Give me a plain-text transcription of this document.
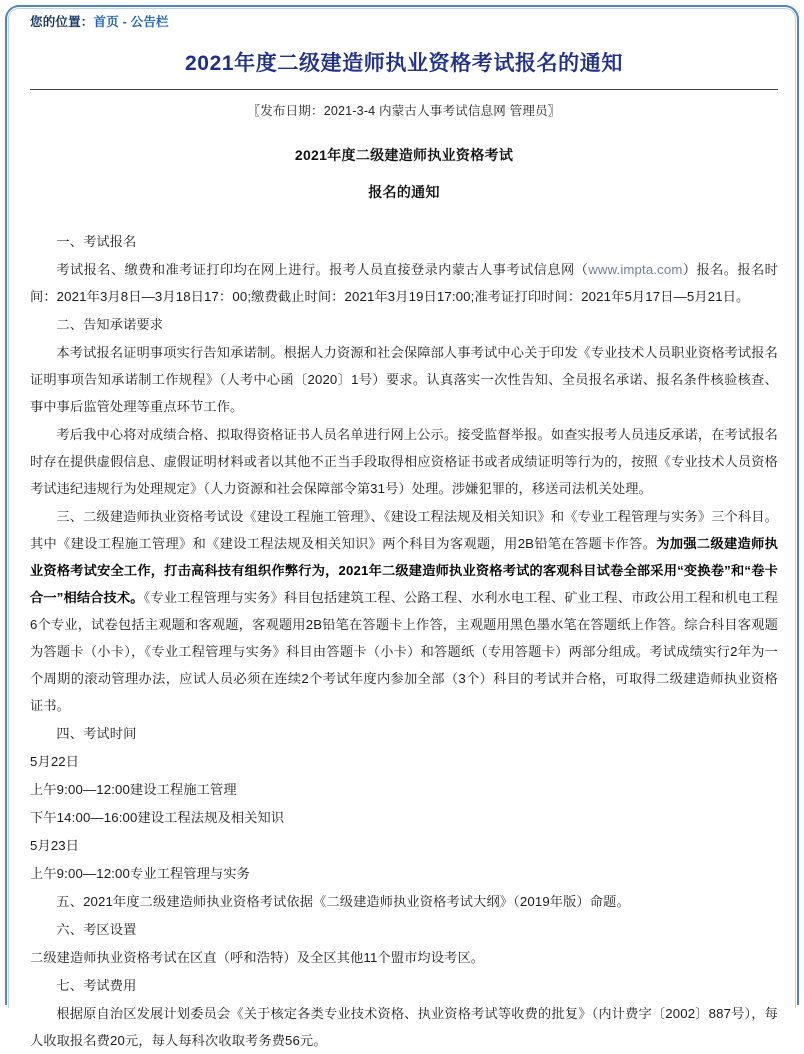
您的位置：首页 - 公告栏
2021年度二级建造师执业资格考试报名的通知
〖发布日期：2021-3-4 内蒙古人事考试信息网 管理员〗
2021年度二级建造师执业资格考试
报名的通知

一、考试报名

考试报名、缴费和准考证打印均在网上进行。报考人员直接登录内蒙古人事考试信息网（www.impta.com）报名。报名时间：2021年3月8日—3月18日17：00;缴费截止时间：2021年3月19日17:00;准考证打印时间：2021年5月17日—5月21日。

二、告知承诺要求

本考试报名证明事项实行告知承诺制。根据人力资源和社会保障部人事考试中心关于印发《专业技术人员职业资格考试报名证明事项告知承诺制工作规程》（人考中心函〔2020〕1号）要求。认真落实一次性告知、全员报名承诺、报名条件核验核查、事中事后监管处理等重点环节工作。

考后我中心将对成绩合格、拟取得资格证书人员名单进行网上公示。接受监督举报。如查实报考人员违反承诺，在考试报名时存在提供虚假信息、虚假证明材料或者以其他不正当手段取得相应资格证书或者成绩证明等行为的，按照《专业技术人员资格考试违纪违规行为处理规定》（人力资源和社会保障部令第31号）处理。涉嫌犯罪的，移送司法机关处理。

三、二级建造师执业资格考试设《建设工程施工管理》、《建设工程法规及相关知识》和《专业工程管理与实务》三个科目。其中《建设工程施工管理》和《建设工程法规及相关知识》两个科目为客观题，用2B铅笔在答题卡作答。为加强二级建造师执业资格考试安全工作，打击高科技有组织作弊行为，2021年二级建造师执业资格考试的客观科目试卷全部采用“变换卷”和“卷卡合一”相结合技术。《专业工程管理与实务》科目包括建筑工程、公路工程、水利水电工程、矿业工程、市政公用工程和机电工程6个专业，试卷包括主观题和客观题，客观题用2B铅笔在答题卡上作答，主观题用黑色墨水笔在答题纸上作答。综合科目客观题为答题卡（小卡），《专业工程管理与实务》科目由答题卡（小卡）和答题纸（专用答题卡）两部分组成。考试成绩实行2年为一个周期的滚动管理办法，应试人员必须在连续2个考试年度内参加全部（3个）科目的考试并合格，可取得二级建造师执业资格证书。

四、考试时间

5月22日

上午9:00—12:00建设工程施工管理

下午14:00—16:00建设工程法规及相关知识

5月23日

上午9:00—12:00专业工程管理与实务

五、2021年度二级建造师执业资格考试依据《二级建造师执业资格考试大纲》（2019年版）命题。

六、考区设置

二级建造师执业资格考试在区直（呼和浩特）及全区其他11个盟市均设考区。

七、考试费用

根据原自治区发展计划委员会《关于核定各类专业技术资格、执业资格考试等收费的批复》（内计费字〔2002〕887号），每人收取报名费20元，每人每科次收取考务费56元。
